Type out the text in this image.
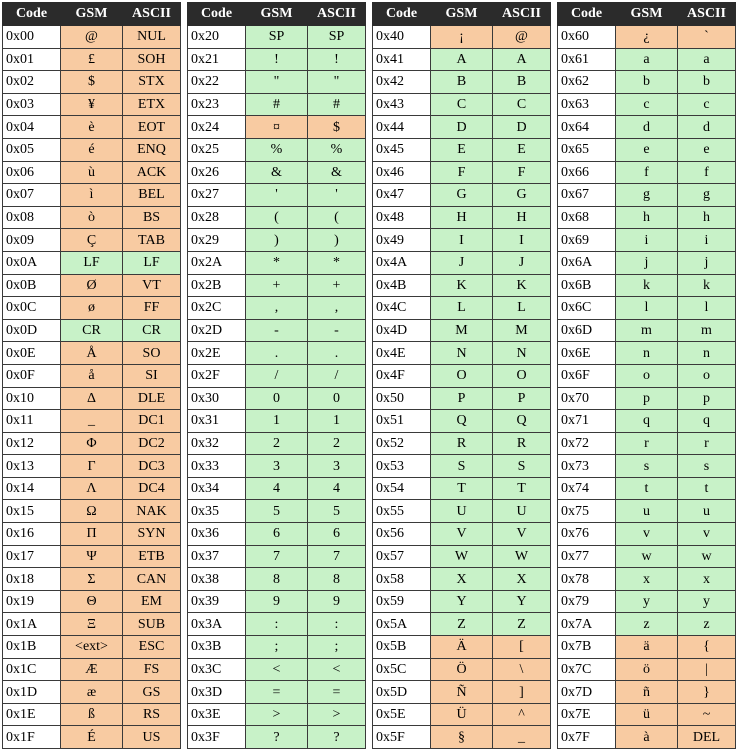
Code	GSM	ASCII
0x00	@	NUL
0x01	£	SOH
0x02	$	STX
0x03	¥	ETX
0x04	è	EOT
0x05	é	ENQ
0x06	ù	ACK
0x07	ì	BEL
0x08	ò	BS
0x09	Ç	TAB
0x0A	LF	LF
0x0B	Ø	VT
0x0C	ø	FF
0x0D	CR	CR
0x0E	Å	SO
0x0F	å	SI
0x10	Δ	DLE
0x11	_	DC1
0x12	Φ	DC2
0x13	Γ	DC3
0x14	Λ	DC4
0x15	Ω	NAK
0x16	Π	SYN
0x17	Ψ	ETB
0x18	Σ	CAN
0x19	Θ	EM
0x1A	Ξ	SUB
0x1B	<ext>	ESC
0x1C	Æ	FS
0x1D	æ	GS
0x1E	ß	RS
0x1F	É	US
Code	GSM	ASCII
0x20	SP	SP
0x21	!	!
0x22	"	"
0x23	#	#
0x24	¤	$
0x25	%	%
0x26	&	&
0x27	'	'
0x28	(	(
0x29	)	)
0x2A	*	*
0x2B	+	+
0x2C	,	,
0x2D	-	-
0x2E	.	.
0x2F	/	/
0x30	0	0
0x31	1	1
0x32	2	2
0x33	3	3
0x34	4	4
0x35	5	5
0x36	6	6
0x37	7	7
0x38	8	8
0x39	9	9
0x3A	:	:
0x3B	;	;
0x3C	<	<
0x3D	=	=
0x3E	>	>
0x3F	?	?
Code	GSM	ASCII
0x40	¡	@
0x41	A	A
0x42	B	B
0x43	C	C
0x44	D	D
0x45	E	E
0x46	F	F
0x47	G	G
0x48	H	H
0x49	I	I
0x4A	J	J
0x4B	K	K
0x4C	L	L
0x4D	M	M
0x4E	N	N
0x4F	O	O
0x50	P	P
0x51	Q	Q
0x52	R	R
0x53	S	S
0x54	T	T
0x55	U	U
0x56	V	V
0x57	W	W
0x58	X	X
0x59	Y	Y
0x5A	Z	Z
0x5B	Ä	[
0x5C	Ö	\
0x5D	Ñ	]
0x5E	Ü	^
0x5F	§	_
Code	GSM	ASCII
0x60	¿	`
0x61	a	a
0x62	b	b
0x63	c	c
0x64	d	d
0x65	e	e
0x66	f	f
0x67	g	g
0x68	h	h
0x69	i	i
0x6A	j	j
0x6B	k	k
0x6C	l	l
0x6D	m	m
0x6E	n	n
0x6F	o	o
0x70	p	p
0x71	q	q
0x72	r	r
0x73	s	s
0x74	t	t
0x75	u	u
0x76	v	v
0x77	w	w
0x78	x	x
0x79	y	y
0x7A	z	z
0x7B	ä	{
0x7C	ö	|
0x7D	ñ	}
0x7E	ü	~
0x7F	à	DEL
